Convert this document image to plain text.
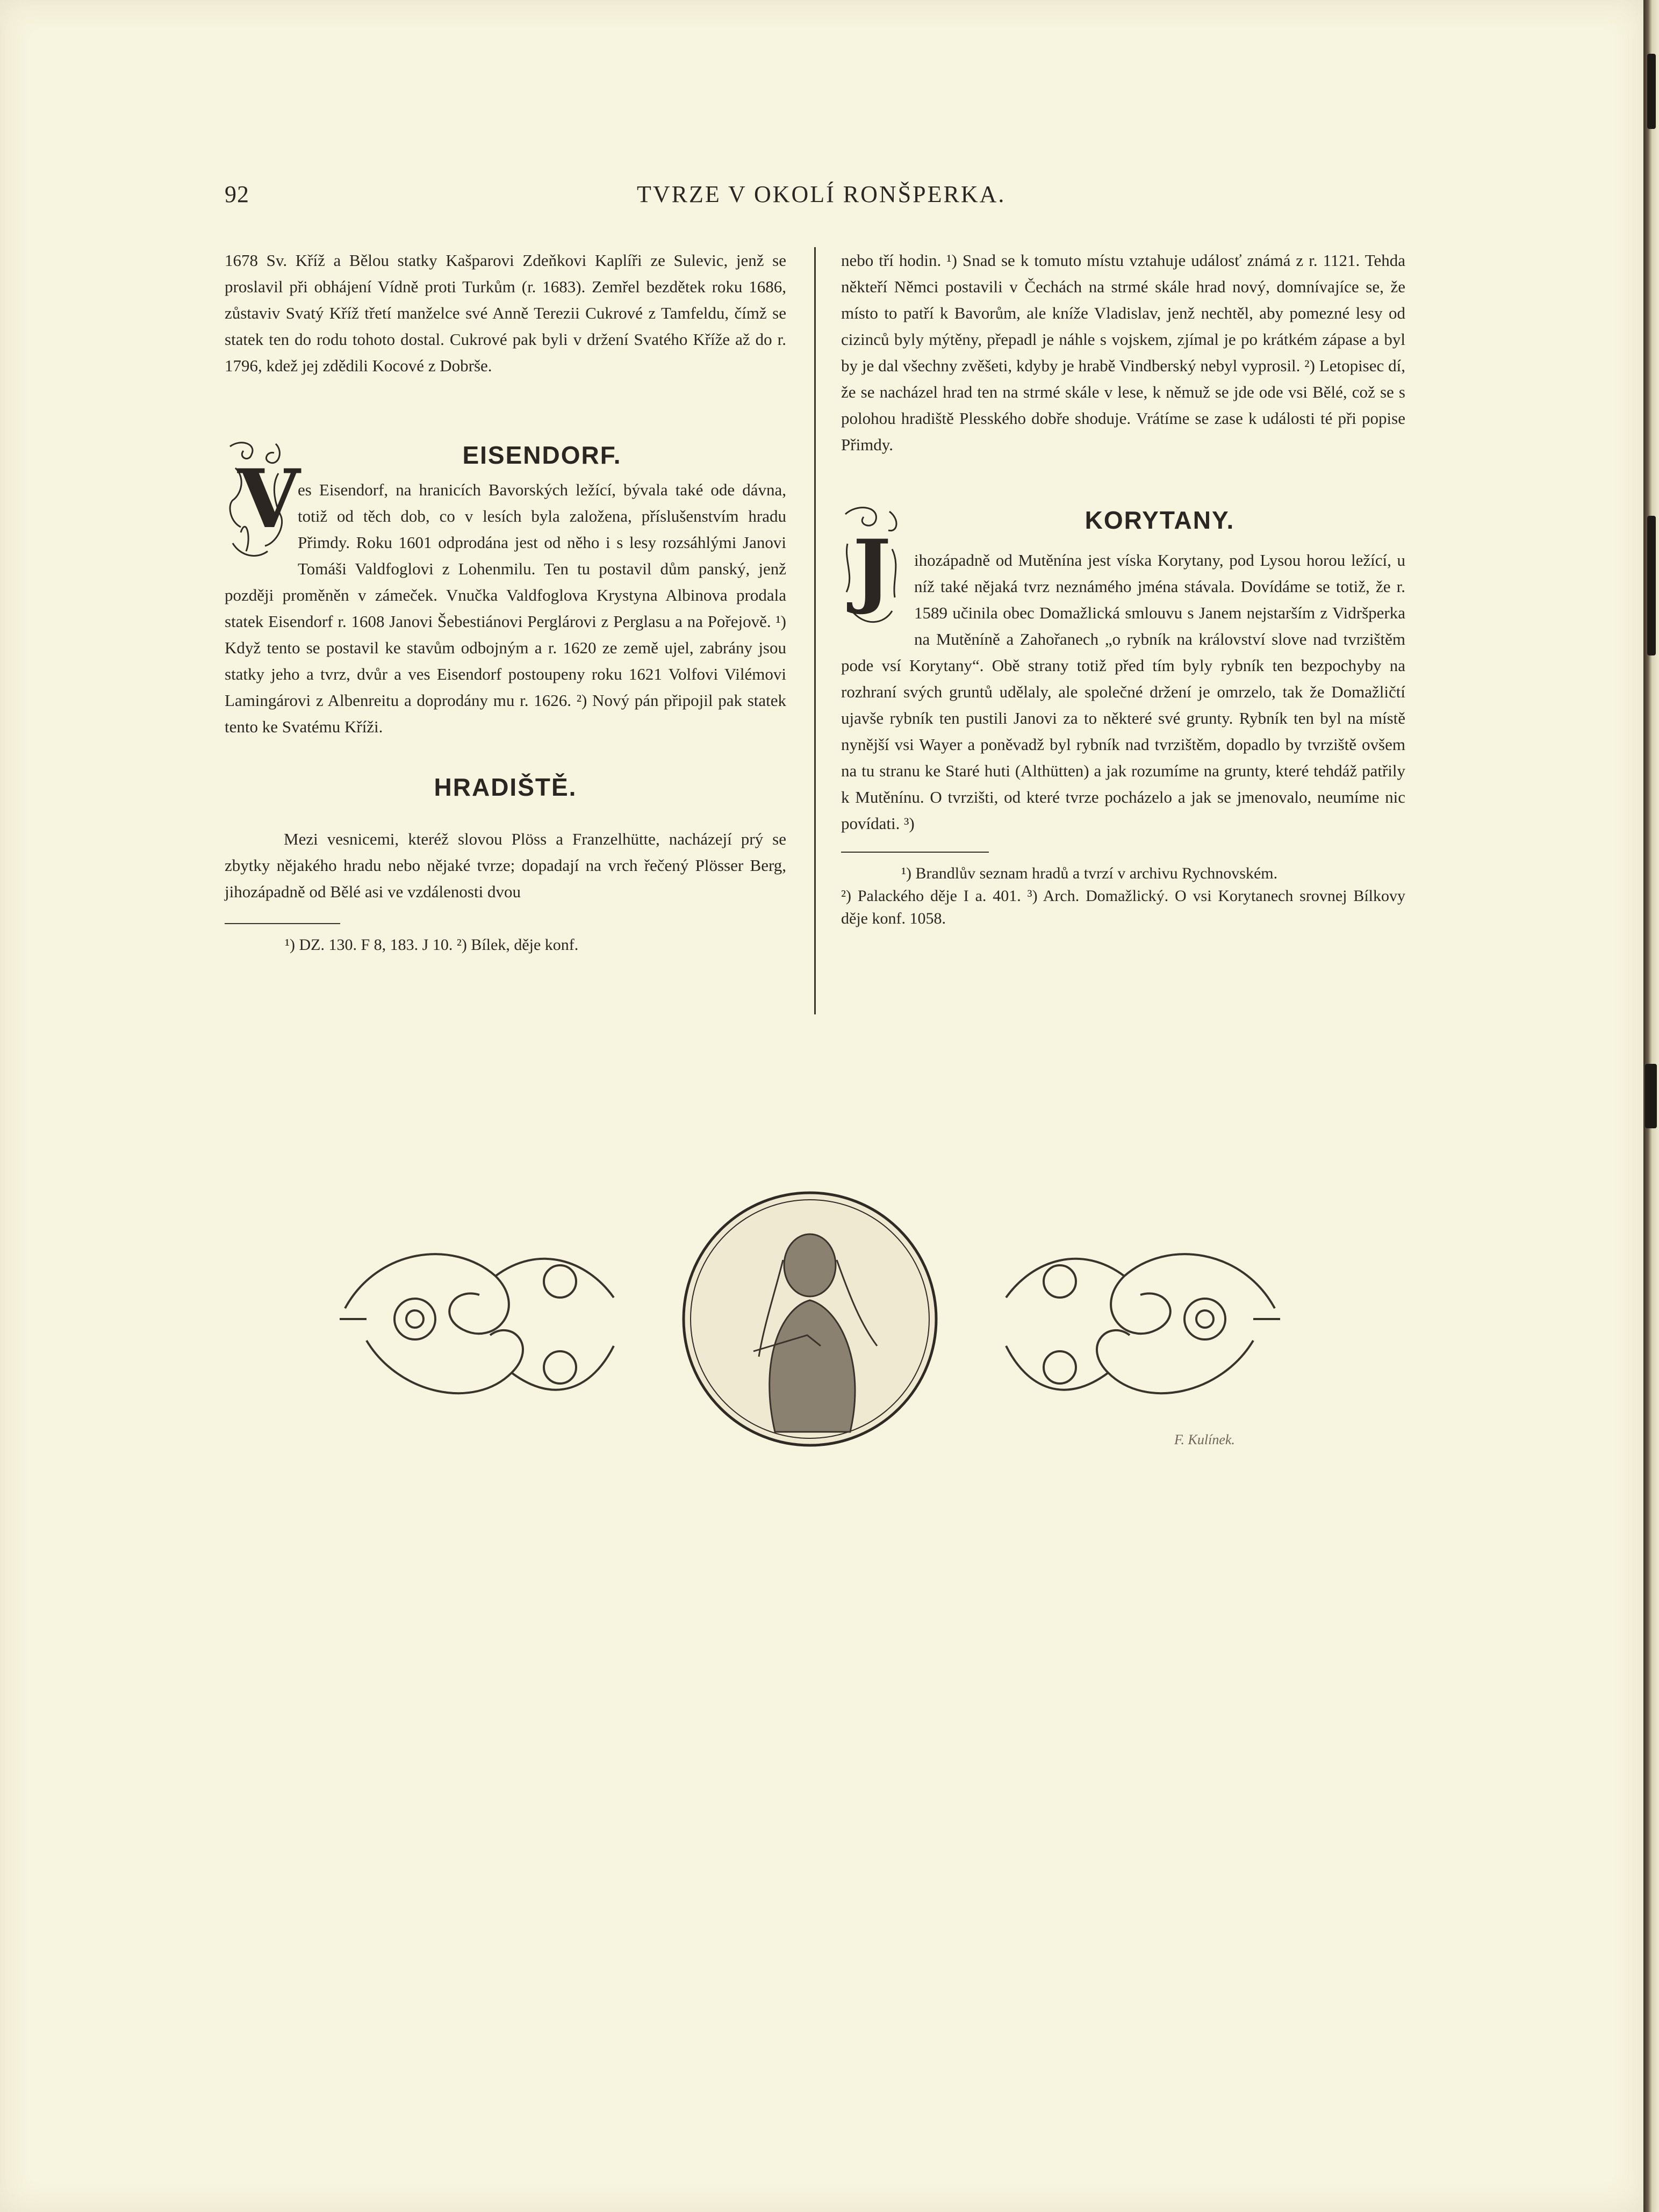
92	TVRZE V OKOLÍ RONŠPERKA.

1678 Sv. Kříž a Bělou statky Kašparovi Zdeňkovi Kaplíři ze Sulevic, jenž se proslavil při obhájení Vídně proti Turkům (r. 1683). Zemřel bezdětek roku 1686, zůstaviv Svatý Kříž třetí manželce své Anně Terezii Cukrové z Tamfeldu, čímž se statek ten do rodu tohoto dostal. Cukrové pak byli v držení Svatého Kříže až do r. 1796, kdež jej zdědili Kocové z Dobrše.

V	EISENDORF.

es Eisendorf, na hranicích Bavorských ležící, bývala také ode dávna, totiž od těch dob, co v lesích byla založena, příslušenstvím hradu Přimdy. Roku 1601 odprodána jest od něho i s lesy rozsáhlými Janovi Tomáši Valdfoglovi z Lohenmilu. Ten tu postavil dům panský, jenž později proměněn v zámeček. Vnučka Valdfoglova Krystyna Albinova prodala statek Eisendorf r. 1608 Janovi Šebestiánovi Perglárovi z Perglasu a na Pořejově. ¹) Když tento se postavil ke stavům odbojným a r. 1620 ze země ujel, zabrány jsou statky jeho a tvrz, dvůr a ves Eisendorf postoupeny roku 1621 Volfovi Vilémovi Lamingárovi z Albenreitu a doprodány mu r. 1626. ²) Nový pán připojil pak statek tento ke Svatému Kříži.

HRADIŠTĚ.

Mezi vesnicemi, kteréž slovou Plöss a Franzelhütte, nacházejí prý se zbytky nějakého hradu nebo nějaké tvrze; dopadají na vrch řečený Plösser Berg, jihozápadně od Bělé asi ve vzdálenosti dvou

¹) DZ. 130. F 8, 183. J 10. ²) Bílek, děje konf.

nebo tří hodin. ¹) Snad se k tomuto místu vztahuje událosť známá z r. 1121. Tehda někteří Němci postavili v Čechách na strmé skále hrad nový, domnívajíce se, že místo to patří k Bavorům, ale kníže Vladislav, jenž nechtěl, aby pomezné lesy od cizinců byly mýtěny, přepadl je náhle s vojskem, zjímal je po krátkém zápase a byl by je dal všechny zvěšeti, kdyby je hrabě Vindberský nebyl vyprosil. ²) Letopisec dí, že se nacházel hrad ten na strmé skále v lese, k němuž se jde ode vsi Bělé, což se s polohou hradiště Plesského dobře shoduje. Vrátíme se zase k události té při popise Přimdy.

J
KORYTANY.

ihozápadně od Mutěnína jest víska Korytany, pod Lysou horou ležící, u níž také nějaká tvrz neznámého jména stávala. Dovídáme se totiž, že r. 1589 učinila obec Domažlická smlouvu s Janem nejstarším z Vidršperka na Mutěníně a Zahořanech „o rybník na království slove nad tvrzištěm pode vsí Korytany“. Obě strany totiž před tím byly rybník ten bezpochyby na rozhraní svých gruntů udělaly, ale společné držení je omrzelo, tak že Domažličtí ujavše rybník ten pustili Janovi za to některé své grunty. Rybník ten byl na místě nynější vsi Wayer a poněvadž byl rybník nad tvrzištěm, dopadlo by tvrziště ovšem na tu stranu ke Staré huti (Althütten) a jak rozumíme na grunty, které tehdáž patřily k Mutěnínu. O tvrzišti, od které tvrze pocházelo a jak se jmenovalo, neumíme nic povídati. ³)

¹) Brandlův seznam hradů a tvrzí v archivu Rychnovském.

²) Palackého děje I a. 401. ³) Arch. Domažlický. O vsi Korytanech srovnej Bílkovy děje konf. 1058.

F. Kulínek.
